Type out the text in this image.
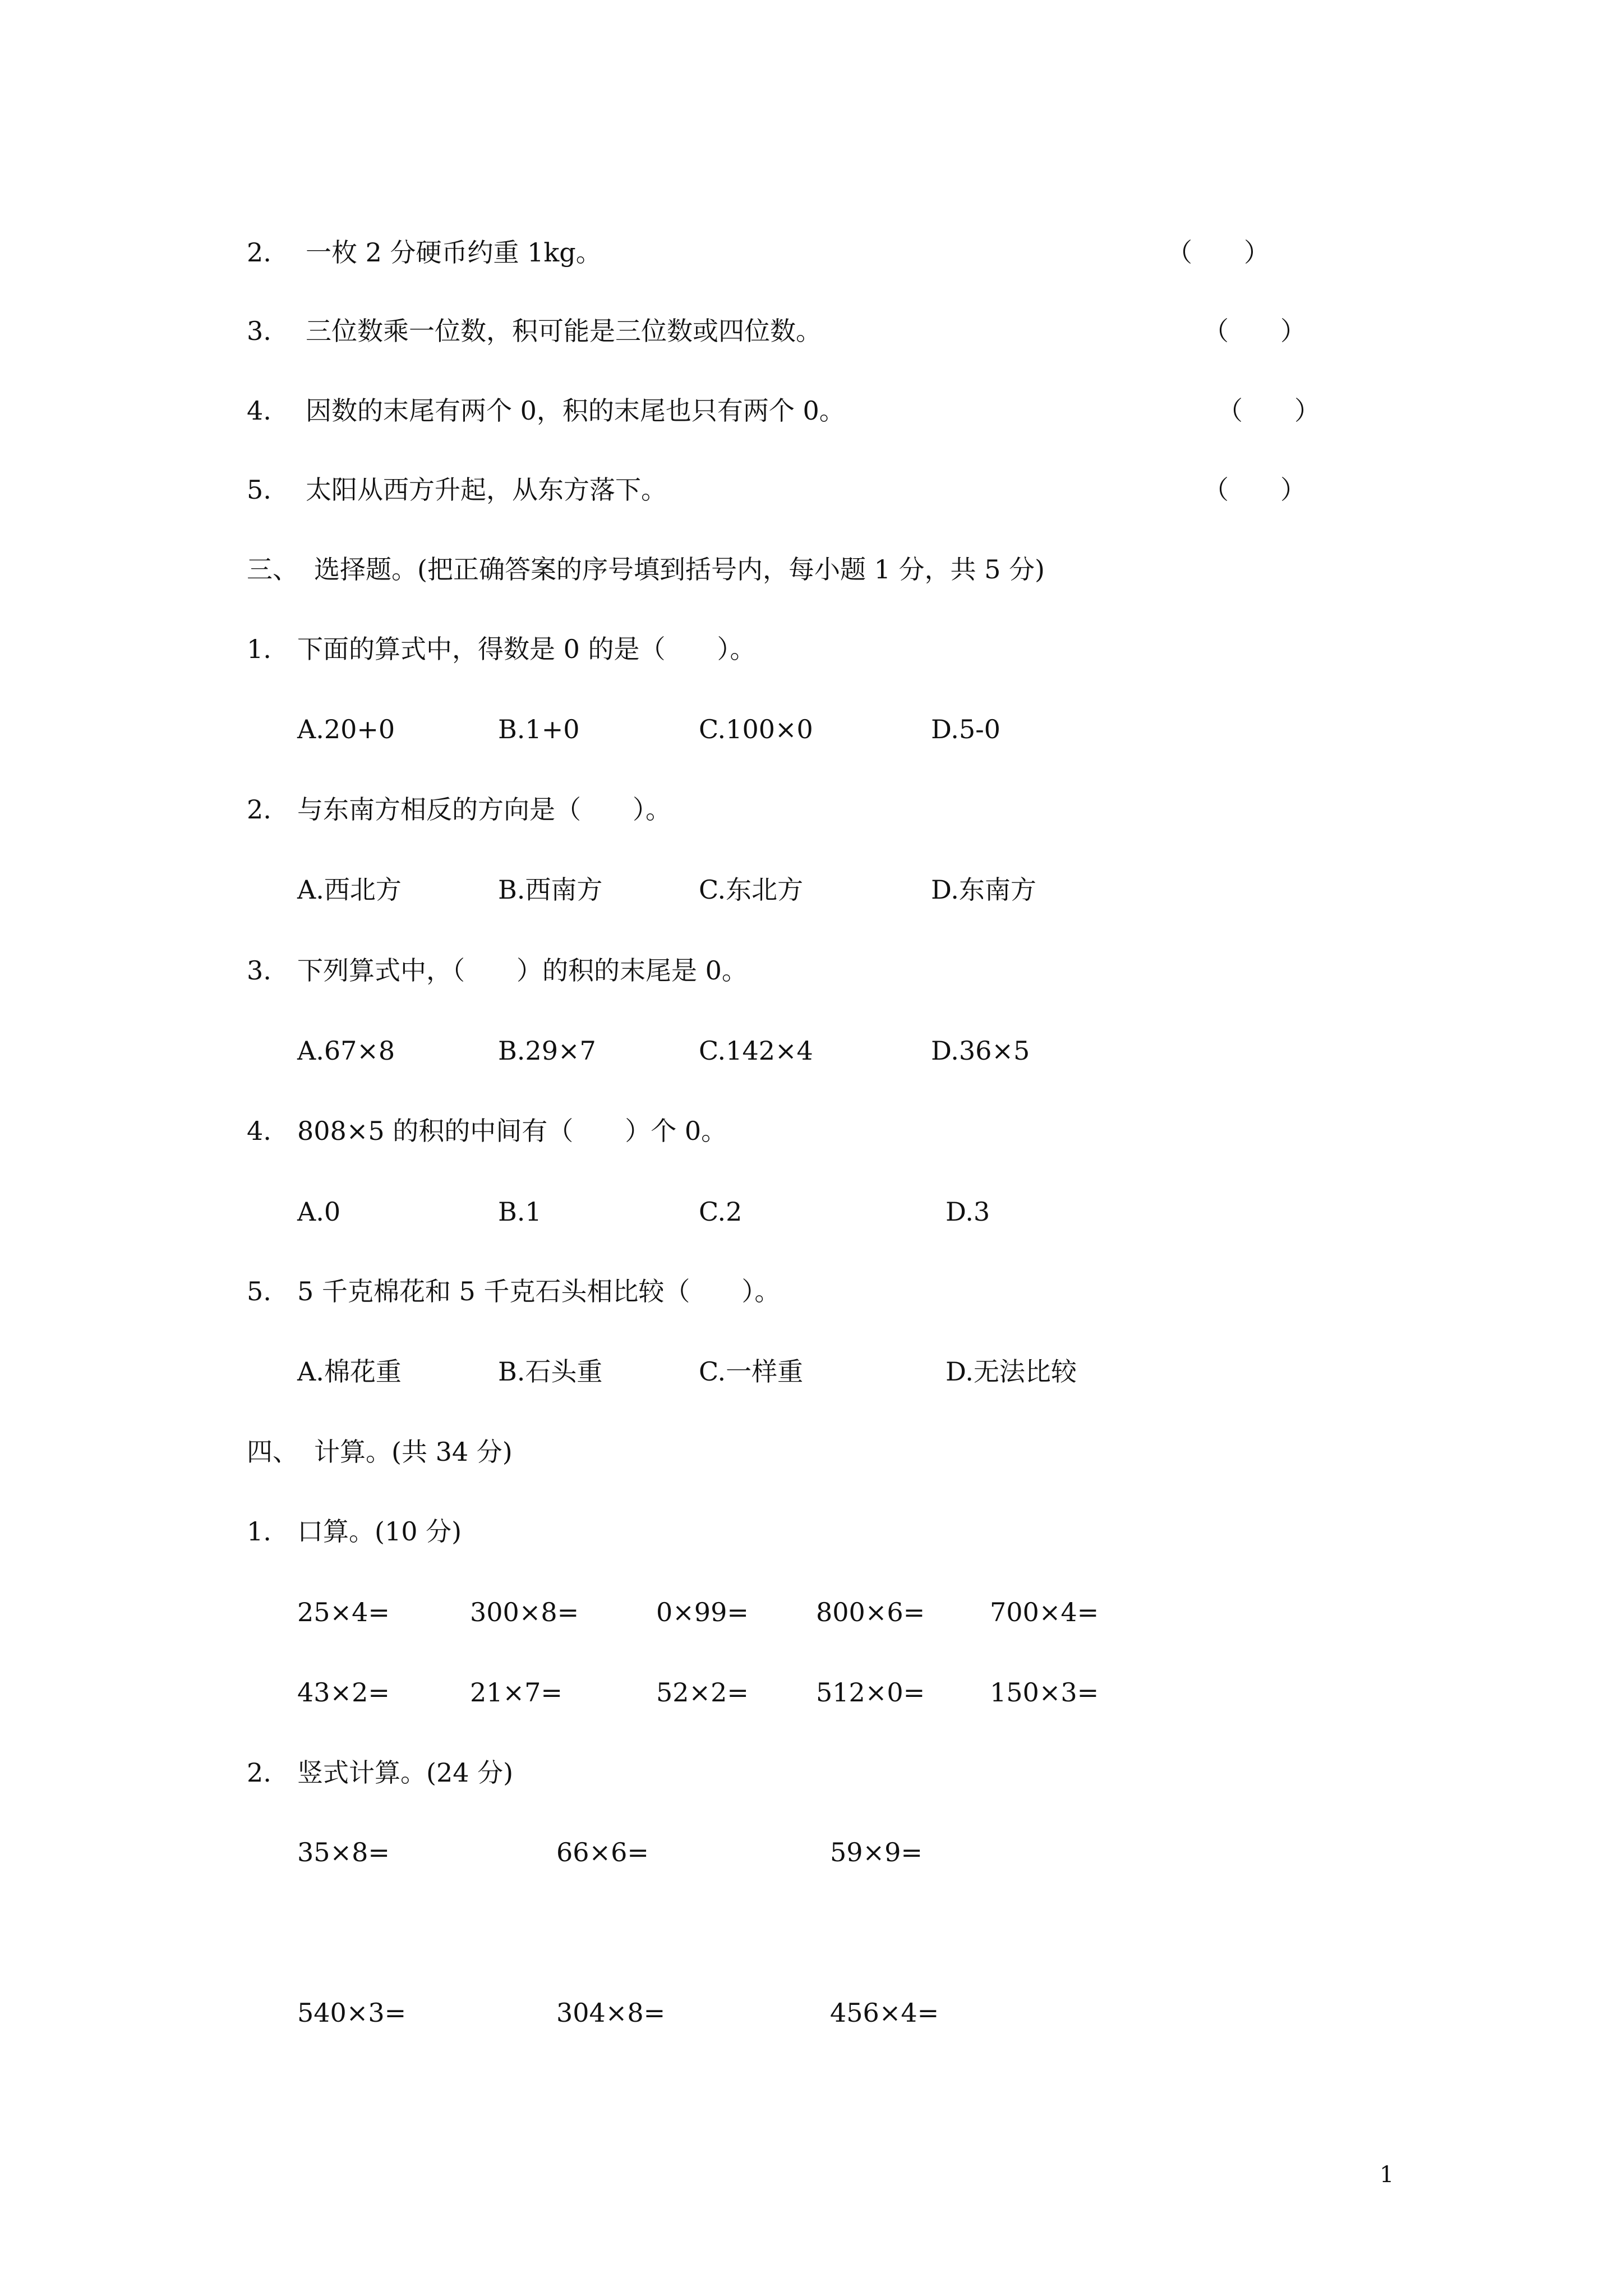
2. 一枚 2 分硬币约重 1kg。	（　　）
3. 三位数乘一位数，积可能是三位数或四位数。	（　　）
4. 因数的末尾有两个 0，积的末尾也只有两个 0。	（　　）
5. 太阳从西方升起，从东方落下。	（　　）
三、 选择题。(把正确答案的序号填到括号内，每小题 1 分，共 5 分)
1. 下面的算式中，得数是 0 的是（　　）。
A.20+0	B.1+0	C.100×0	D.5-0
2. 与东南方相反的方向是（　　）。
A.西北方	B.西南方	C.东北方	D.东南方
3. 下列算式中，（　　）的积的末尾是 0。
A.67×8	B.29×7	C.142×4	D.36×5
4. 808×5 的积的中间有（　　）个 0。
A.0	B.1	C.2	D.3
5. 5 千克棉花和 5 千克石头相比较（　　）。
A.棉花重	B.石头重	C.一样重	D.无法比较
四、 计算。(共 34 分)
1. 口算。(10 分)
25×4=	300×8=	0×99=	800×6=	700×4=
43×2=	21×7=	52×2=	512×0=	150×3=
2. 竖式计算。(24 分)
35×8=	66×6=	59×9=
540×3=	304×8=	456×4=
1
